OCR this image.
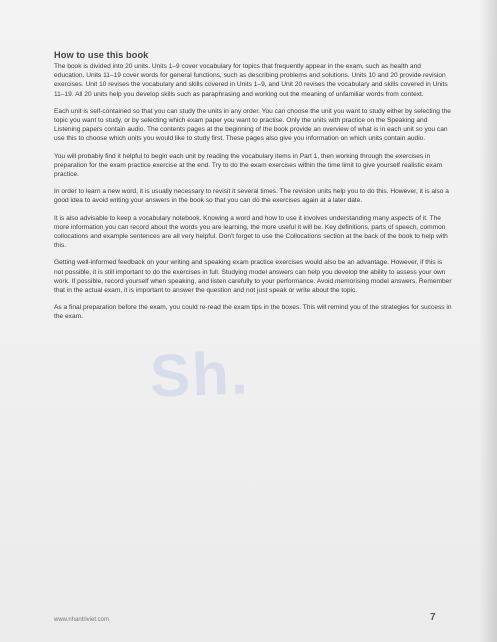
Sh.
How to use this book

The book is divided into 20 units. Units 1–9 cover vocabulary for topics that frequently appear in the exam, such as health and education. Units 11–19 cover words for general functions, such as describing problems and solutions. Units 10 and 20 provide revision exercises. Unit 10 revises the vocabulary and skills covered in Units 1–9, and Unit 20 revises the vocabulary and skills covered in Units 11–19. All 20 units help you develop skills such as paraphrasing and working out the meaning of unfamiliar words from context.

Each unit is self-contained so that you can study the units in any order. You can choose the unit you want to study either by selecting the topic you want to study, or by selecting which exam paper you want to practise. Only the units with practice on the Speaking and Listening papers contain audio. The contents pages at the beginning of the book provide an overview of what is in each unit so you can use this to choose which units you would like to study first. These pages also give you information on which units contain audio.

You will probably find it helpful to begin each unit by reading the vocabulary items in Part 1, then working through the exercises in preparation for the exam practice exercise at the end. Try to do the exam exercises within the time limit to give yourself realistic exam practice.

In order to learn a new word, it is usually necessary to revisit it several times. The revision units help you to do this. However, it is also a good idea to avoid writing your answers in the book so that you can do the exercises again at a later date.

It is also advisable to keep a vocabulary notebook. Knowing a word and how to use it involves understanding many aspects of it. The more information you can record about the words you are learning, the more useful it will be. Key definitions, parts of speech, common collocations and example sentences are all very helpful. Don't forget to use the Collocations section at the back of the book to help with this.

Getting well-informed feedback on your writing and speaking exam practice exercises would also be an advantage. However, if this is not possible, it is still important to do the exercises in full. Studying model answers can help you develop the ability to assess your own work. If possible, record yourself when speaking, and listen carefully to your performance. Avoid memorising model answers. Remember that in the actual exam, it is important to answer the question and not just speak or write about the topic.

As a final preparation before the exam, you could re-read the exam tips in the boxes. This will remind you of the strategies for success in the exam.

www.nhantriviet.com	7
